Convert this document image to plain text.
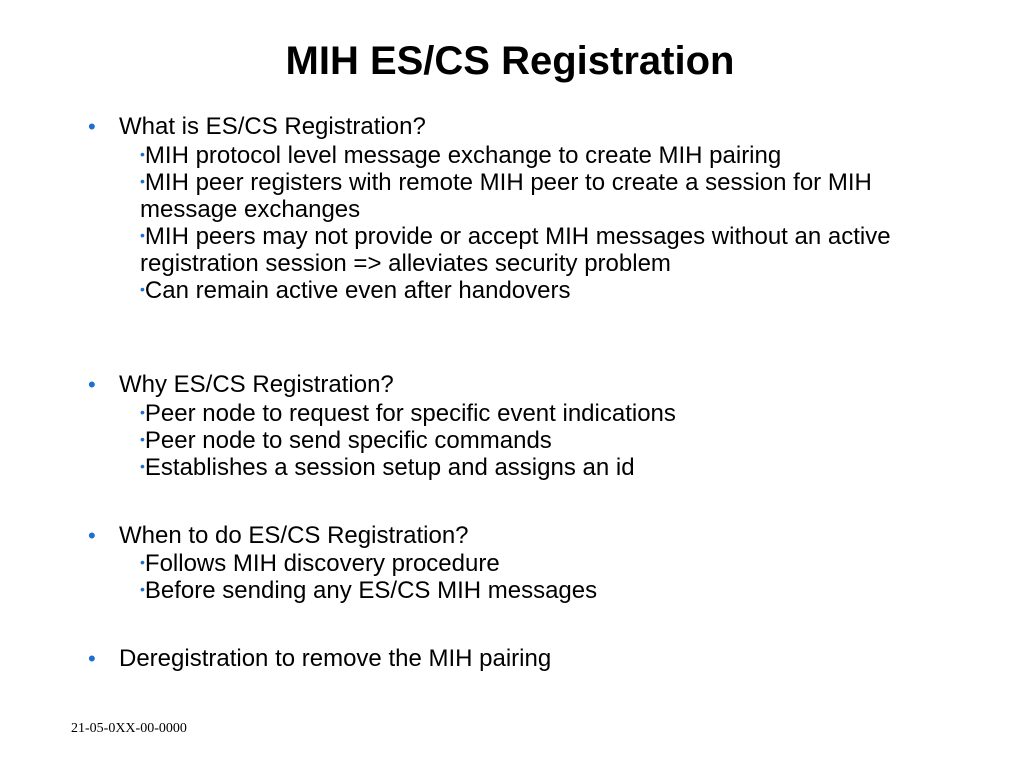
MIH ES/CS Registration
• What is ES/CS Registration?
•MIH protocol level message exchange to create MIH pairing
•MIH peer registers with remote MIH peer to create a session for MIH message exchanges
•MIH peers may not provide or accept MIH messages without an active registration session => alleviates security problem
•Can remain active even after handovers
• Why ES/CS Registration?
•Peer node to request for specific event indications
•Peer node to send specific commands
•Establishes a session setup and assigns an id
• When to do ES/CS Registration?
•Follows MIH discovery procedure
•Before sending any ES/CS MIH messages
• Deregistration to remove the MIH pairing
21-05-0XX-00-0000
